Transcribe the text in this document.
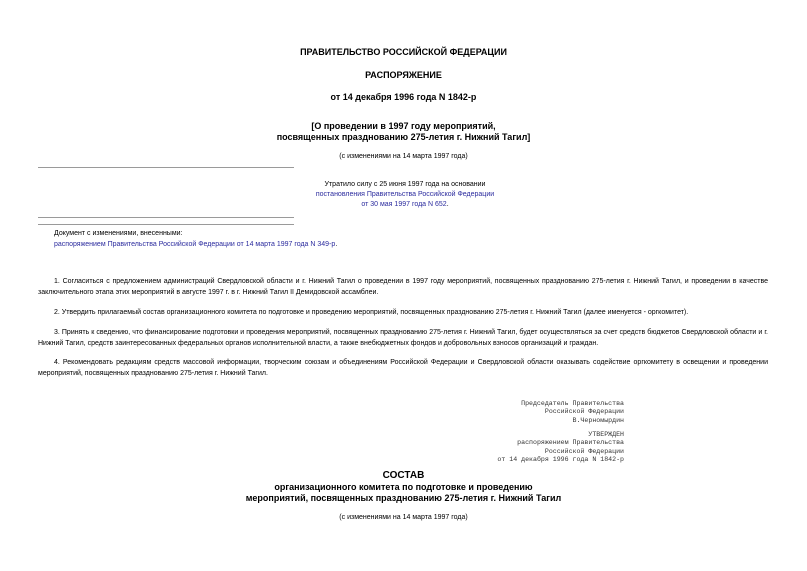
ПРАВИТЕЛЬСТВО РОССИЙСКОЙ ФЕДЕРАЦИИ
РАСПОРЯЖЕНИЕ
от 14 декабря 1996 года N 1842-р
[О проведении в 1997 году мероприятий,
посвященных празднованию 275-летия г. Нижний Тагил]
(с изменениями на 14 марта 1997 года)
Утратило силу с 25 июня 1997 года на основании
постановления Правительства Российской Федерации
от 30 мая 1997 года N 652.
Документ с изменениями, внесенными:
распоряжением Правительства Российской Федерации от 14 марта 1997 года N 349-р.
1. Согласиться с предложением администраций Свердловской области и г. Нижний Тагил о проведении в 1997 году мероприятий, посвященных празднованию 275-летия г. Нижний Тагил, и проведении в качестве заключительного этапа этих мероприятий в августе 1997 г. в г. Нижний Тагил II Демидовской ассамблеи.
2. Утвердить прилагаемый состав организационного комитета по подготовке и проведению мероприятий, посвященных празднованию 275-летия г. Нижний Тагил (далее именуется - оргкомитет).
3. Принять к сведению, что финансирование подготовки и проведения мероприятий, посвященных празднованию 275-летия г. Нижний Тагил, будет осуществляться за счет средств бюджетов Свердловской области и г. Нижний Тагил, средств заинтересованных федеральных органов исполнительной власти, а также внебюджетных фондов и добровольных взносов организаций и граждан.
4. Рекомендовать редакциям средств массовой информации, творческим союзам и объединениям Российской Федерации и Свердловской области оказывать содействие оргкомитету в освещении и проведении мероприятий, посвященных празднованию 275-летия г. Нижний Тагил.
Председатель Правительства
Российской Федерации
В.Черномырдин
УТВЕРЖДЕН
распоряжением Правительства
Российской Федерации
от 14 декабря 1996 года N 1842-р
СОСТАВ
организационного комитета по подготовке и проведению
мероприятий, посвященных празднованию 275-летия г. Нижний Тагил
(с изменениями на 14 марта 1997 года)
